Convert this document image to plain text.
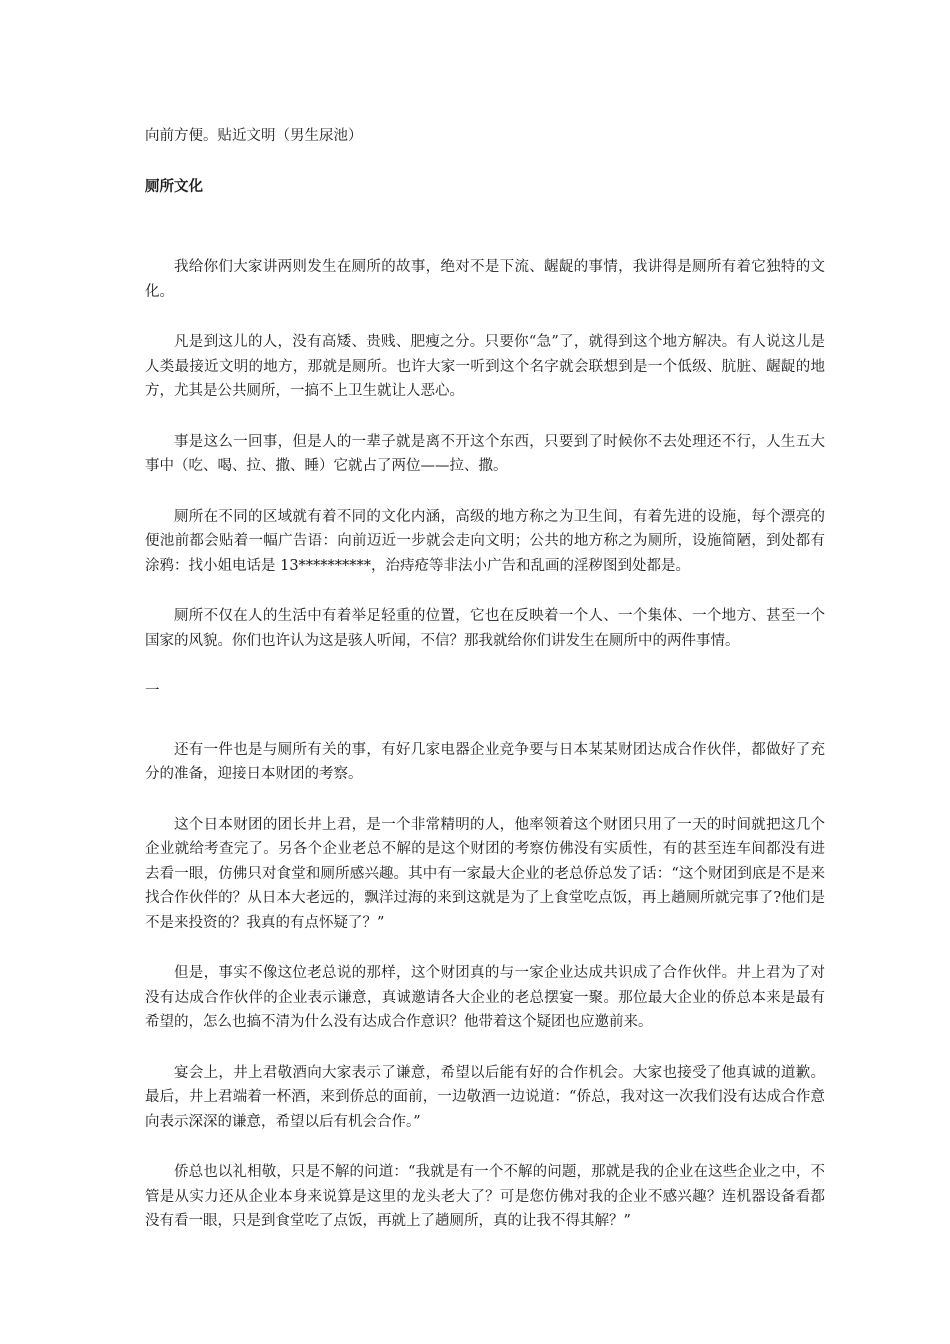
向前方便。贴近文明（男生尿池）

厕所文化

我给你们大家讲两则发生在厕所的故事，绝对不是下流、龌龊的事情，我讲得是厕所有着它独特的文化。

凡是到这儿的人，没有高矮、贵贱、肥瘦之分。只要你“急”了，就得到这个地方解决。有人说这儿是人类最接近文明的地方，那就是厕所。也许大家一听到这个名字就会联想到是一个低级、肮脏、龌龊的地方，尤其是公共厕所，一搞不上卫生就让人恶心。

事是这么一回事，但是人的一辈子就是离不开这个东西，只要到了时候你不去处理还不行，人生五大事中（吃、喝、拉、撒、睡）它就占了两位——拉、撒。

厕所在不同的区域就有着不同的文化内涵，高级的地方称之为卫生间，有着先进的设施，每个漂亮的便池前都会贴着一幅广告语：向前迈近一步就会走向文明；公共的地方称之为厕所，设施简陋，到处都有涂鸦：找小姐电话是 13**********，治痔疮等非法小广告和乱画的淫秽图到处都是。

厕所不仅在人的生活中有着举足轻重的位置，它也在反映着一个人、一个集体、一个地方、甚至一个国家的风貌。你们也许认为这是骇人听闻，不信？那我就给你们讲发生在厕所中的两件事情。

一

还有一件也是与厕所有关的事，有好几家电器企业竞争要与日本某某财团达成合作伙伴，都做好了充分的准备，迎接日本财团的考察。

这个日本财团的团长井上君，是一个非常精明的人，他率领着这个财团只用了一天的时间就把这几个企业就给考查完了。另各个企业老总不解的是这个财团的考察仿佛没有实质性，有的甚至连车间都没有进去看一眼，仿佛只对食堂和厕所感兴趣。其中有一家最大企业的老总侨总发了话：“这个财团到底是不是来找合作伙伴的？从日本大老远的，飘洋过海的来到这就是为了上食堂吃点饭，再上趟厕所就完事了?他们是不是来投资的？我真的有点怀疑了？”

但是，事实不像这位老总说的那样，这个财团真的与一家企业达成共识成了合作伙伴。井上君为了对没有达成合作伙伴的企业表示谦意，真诚邀请各大企业的老总摆宴一聚。那位最大企业的侨总本来是最有希望的，怎么也搞不清为什么没有达成合作意识？他带着这个疑团也应邀前来。

宴会上，井上君敬酒向大家表示了谦意，希望以后能有好的合作机会。大家也接受了他真诚的道歉。最后，井上君端着一杯酒，来到侨总的面前，一边敬酒一边说道：“侨总，我对这一次我们没有达成合作意向表示深深的谦意，希望以后有机会合作。”

侨总也以礼相敬，只是不解的问道：“我就是有一个不解的问题，那就是我的企业在这些企业之中，不管是从实力还从企业本身来说算是这里的龙头老大了？可是您仿佛对我的企业不感兴趣？连机器设备看都没有看一眼，只是到食堂吃了点饭，再就上了趟厕所，真的让我不得其解？”
